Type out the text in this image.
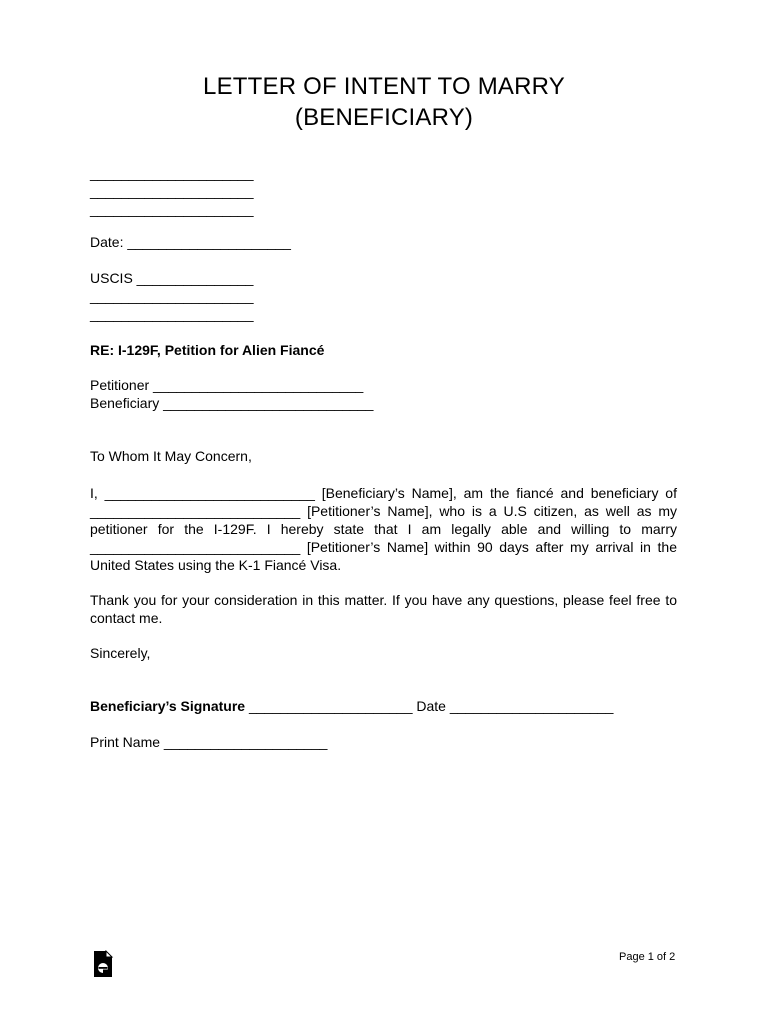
LETTER OF INTENT TO MARRY
(BENEFICIARY)

_____________________

_____________________

_____________________

Date: _____________________

USCIS _______________

_____________________

_____________________

RE: I-129F, Petition for Alien Fiancé

Petitioner ___________________________

Beneficiary ___________________________

To Whom It May Concern,

I, ___________________________ [Beneficiary’s Name], am the fiancé and beneficiary of ___________________________ [Petitioner’s Name], who is a U.S citizen, as well as my petitioner for the I-129F. I hereby state that I am legally able and willing to marry ___________________________ [Petitioner’s Name] within 90 days after my arrival in the United States using the K-1 Fiancé Visa.

Thank you for your consideration in this matter. If you have any questions, please feel free to contact me.

Sincerely,

Beneficiary’s Signature _____________________ Date _____________________

Print Name _____________________

Page 1 of 2
